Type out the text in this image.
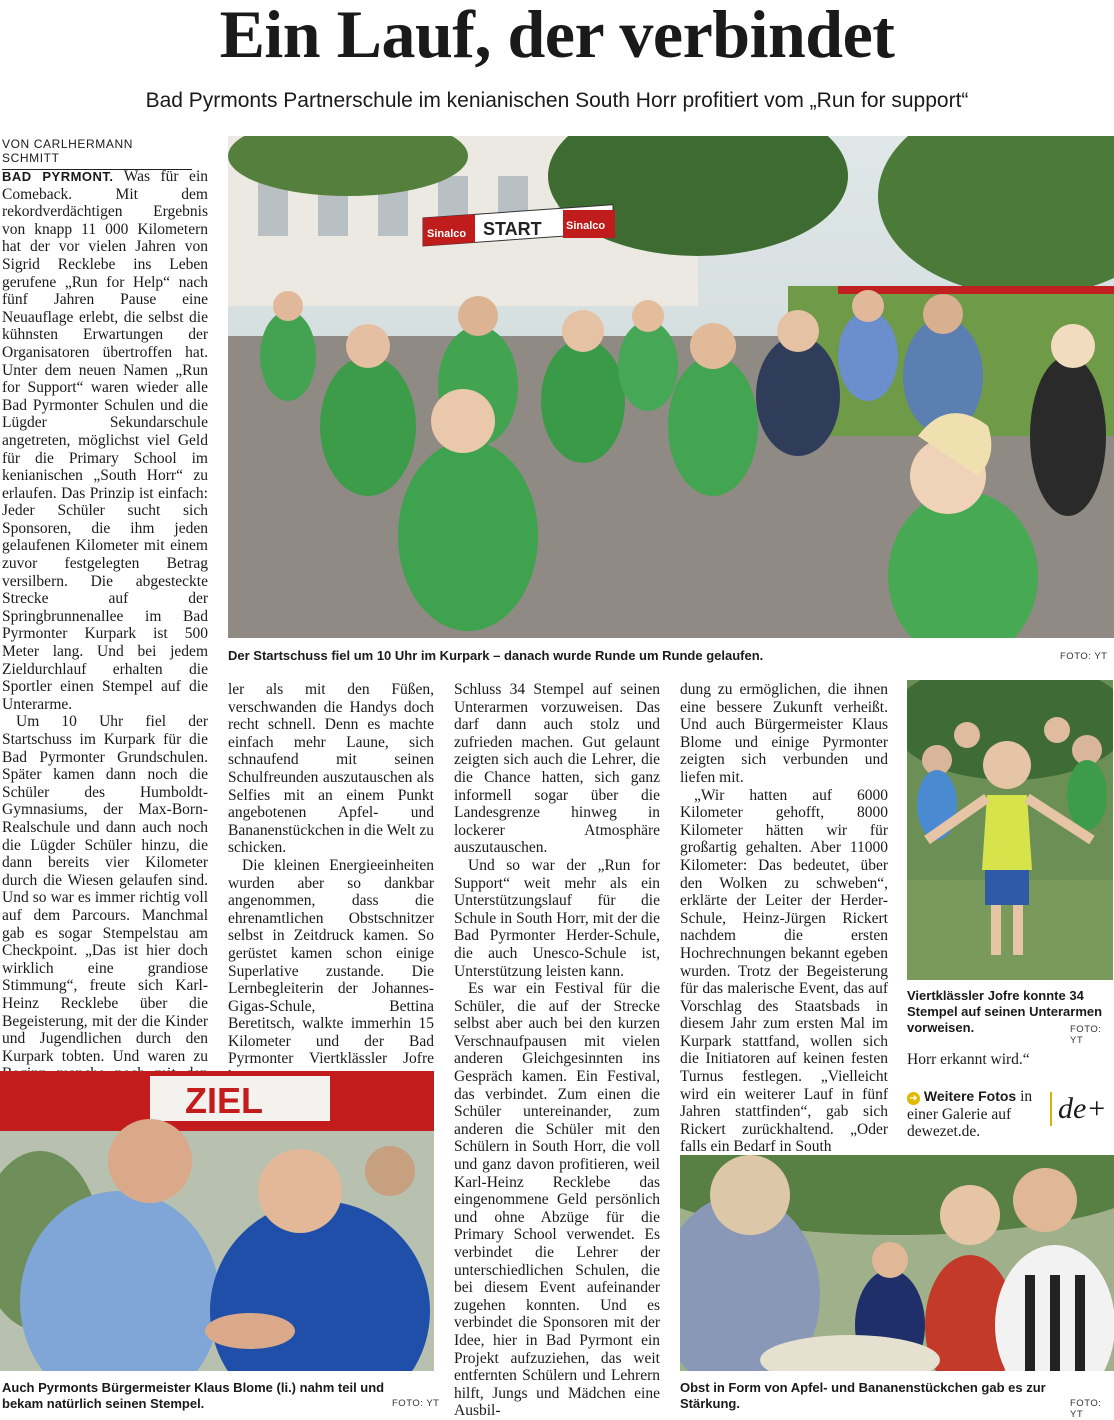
Ein Lauf, der verbindet
Bad Pyrmonts Partnerschule im kenianischen South Horr profitiert vom „Run for support“
VON CARLHERMANN SCHMITT
Sinalco
Sinalco
START
Der Startschuss fiel um 10 Uhr im Kurpark – danach wurde Runde um Runde gelaufen.	FOTO: YT

BAD PYRMONT. Was für ein Comeback. Mit dem rekordverdächtigen Ergebnis von knapp 11 000 Kilometern hat der vor vielen Jahren von Sigrid Recklebe ins Leben gerufene „Run for Help“ nach fünf Jahren Pause eine Neuauflage erlebt, die selbst die kühnsten Erwartungen der Organisatoren übertroffen hat. Unter dem neuen Namen „Run for Support“ waren wieder alle Bad Pyrmonter Schulen und die Lügder Sekundarschule angetreten, möglichst viel Geld für die Primary School im kenianischen „South Horr“ zu erlaufen. Das Prinzip ist einfach: Jeder Schüler sucht sich Sponsoren, die ihm jeden gelaufenen Kilometer mit einem zuvor festgelegten Betrag versilbern. Die abgesteckte Strecke auf der Springbrunnenallee im Bad Pyrmonter Kurpark ist 500 Meter lang. Und bei jedem Zieldurchlauf erhalten die Sportler einen Stempel auf die Unterarme.

Um 10 Uhr fiel der Startschuss im Kurpark für die Bad Pyrmonter Grundschulen. Später kamen dann noch die Schüler des Humboldt-Gymnasiums, der Max-Born-Realschule und dann auch noch die Lügder Schüler hinzu, die dann bereits vier Kilometer durch die Wiesen gelaufen sind. Und so war es immer richtig voll auf dem Parcours. Manchmal gab es sogar Stempelstau am Checkpoint. „Das ist hier doch wirklich eine grandiose Stimmung“, freute sich Karl-Heinz Recklebe über die Begeisterung, mit der die Kinder und Jugendlichen durch den Kurpark tobten. Und waren zu

ler als mit den Füßen, verschwanden die Handys doch recht schnell. Denn es machte einfach mehr Laune, sich schnaufend mit seinen Schulfreunden auszutauschen als Selfies mit an einem Punkt angebotenen Apfel- und Bananenstückchen in die Welt zu schicken.

Die kleinen Energieeinheiten wurden aber so dankbar angenommen, dass die ehrenamtlichen Obstschnitzer selbst in Zeitdruck kamen. So gerüstet kamen schon einige Superlative zustande. Die Lernbegleiterin der Johannes-Gigas-Schule, Bettina Beretitsch, walkte immerhin 15 Kilometer und der Bad Pyrmonter Viertklässler Jofre

Schluss 34 Stempel auf seinen Unterarmen vorzuweisen. Das darf dann auch stolz und zufrieden machen. Gut gelaunt zeigten sich auch die Lehrer, die die Chance hatten, sich ganz informell sogar über die Landesgrenze hinweg in lockerer Atmosphäre auszutauschen.

Und so war der „Run for Support“ weit mehr als ein Unterstützungslauf für die Schule in South Horr, mit der die Bad Pyrmonter Herder-Schule, die auch Unesco-Schule ist, Unterstützung leisten kann.

Es war ein Festival für die Schüler, die auf der Strecke selbst aber auch bei den kurzen Verschnaufpausen mit vielen anderen Gleichgesinnten ins Gespräch kamen. Ein Festival, das verbindet. Zum einen die Schüler untereinander, zum anderen die Schüler mit den Schülern in South Horr, die voll und ganz davon profitieren, weil Karl-Heinz Recklebe das eingenommene Geld persönlich und ohne Abzüge für die Primary School verwendet. Es verbindet die Lehrer der unterschiedlichen Schulen, die bei diesem Event aufeinander zugehen konnten. Und es verbindet die Sponsoren mit der Idee, hier in Bad Pyrmont ein Projekt aufzuziehen, das weit entfernten Schülern und Lehrern hilft, Jungs und Mädchen eine Ausbil-

dung zu ermöglichen, die ihnen eine bessere Zukunft verheißt. Und auch Bürgermeister Klaus Blome und einige Pyrmonter zeigten sich verbunden und liefen mit.

„Wir hatten auf 6000 Kilometer gehofft, 8000 Kilometer hätten wir für großartig gehalten. Aber 11000 Kilometer: Das bedeutet, über den Wolken zu schweben“, erklärte der Leiter der Herder-Schule, Heinz-Jürgen Rickert nachdem die ersten Hochrechnungen bekannt egeben wurden. Trotz der Begeisterung für das malerische Event, das auf Vorschlag des Staatsbads in diesem Jahr zum ersten Mal im Kurpark stattfand, wollen sich die Initiatoren auf keinen festen Turnus festlegen. „Vielleicht wird ein weiterer Lauf in fünf Jahren stattfinden“, gab sich Rickert zurückhaltend. „Oder falls ein Bedarf in South

Viertklässler Jofre konnte 34 Stempel auf seinen Unterarmen vorweisen.	FOTO: YT

Horr erkannt wird.“

➜ Weitere Fotos in einer Galerie auf dewezet.de.
de+
ZIEL
Auch Pyrmonts Bürgermeister Klaus Blome (li.) nahm teil und bekam natürlich seinen Stempel.	FOTO: YT
Obst in Form von Apfel- und Bananenstückchen gab es zur Stärkung.	FOTO: YT
